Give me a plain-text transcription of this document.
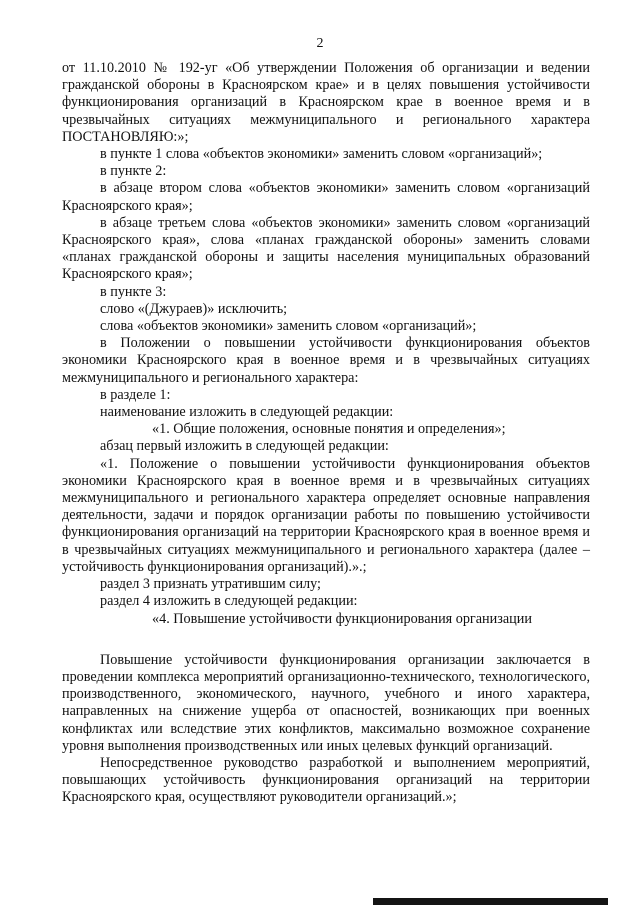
2

от 11.10.2010 № 192-уг «Об утверждении Положения об организации и ведении гражданской обороны в Красноярском крае» и в целях повышения устойчивости функционирования организаций в Красноярском крае в военное время и в чрезвычайных ситуациях межмуниципального и регионального характера ПОСТАНОВЛЯЮ:»;

в пункте 1 слова «объектов экономики» заменить словом «организаций»;

в пункте 2:

в абзаце втором слова «объектов экономики» заменить словом «организаций Красноярского края»;

в абзаце третьем слова «объектов экономики» заменить словом «организаций Красноярского края», слова «планах гражданской обороны» заменить словами «планах гражданской обороны и защиты населения муниципальных образований Красноярского края»;

в пункте 3:

слово «(Джураев)» исключить;

слова «объектов экономики» заменить словом «организаций»;

в Положении о повышении устойчивости функционирования объектов экономики Красноярского края в военное время и в чрезвычайных ситуациях межмуниципального и регионального характера:

в разделе 1:

наименование изложить в следующей редакции:

«1. Общие положения, основные понятия и определения»;

абзац первый изложить в следующей редакции:

«1. Положение о повышении устойчивости функционирования объектов экономики Красноярского края в военное время и в чрезвычайных ситуациях межмуниципального и регионального характера определяет основные направления деятельности, задачи и порядок организации работы по повышению устойчивости функционирования организаций на территории Красноярского края в военное время и в чрезвычайных ситуациях межмуниципального и регионального характера (далее – устойчивость функционирования организаций).».;

раздел 3 признать утратившим силу;

раздел 4 изложить в следующей редакции:

«4. Повышение устойчивости функционирования организации

Повышение устойчивости функционирования организации заключается в проведении комплекса мероприятий организационно-технического, технологического, производственного, экономического, научного, учебного и иного характера, направленных на снижение ущерба от опасностей, возникающих при военных конфликтах или вследствие этих конфликтов, максимально возможное сохранение уровня выполнения производственных или иных целевых функций организаций.

Непосредственное руководство разработкой и выполнением мероприятий, повышающих устойчивость функционирования организаций на территории Красноярского края, осуществляют руководители организаций.»;
